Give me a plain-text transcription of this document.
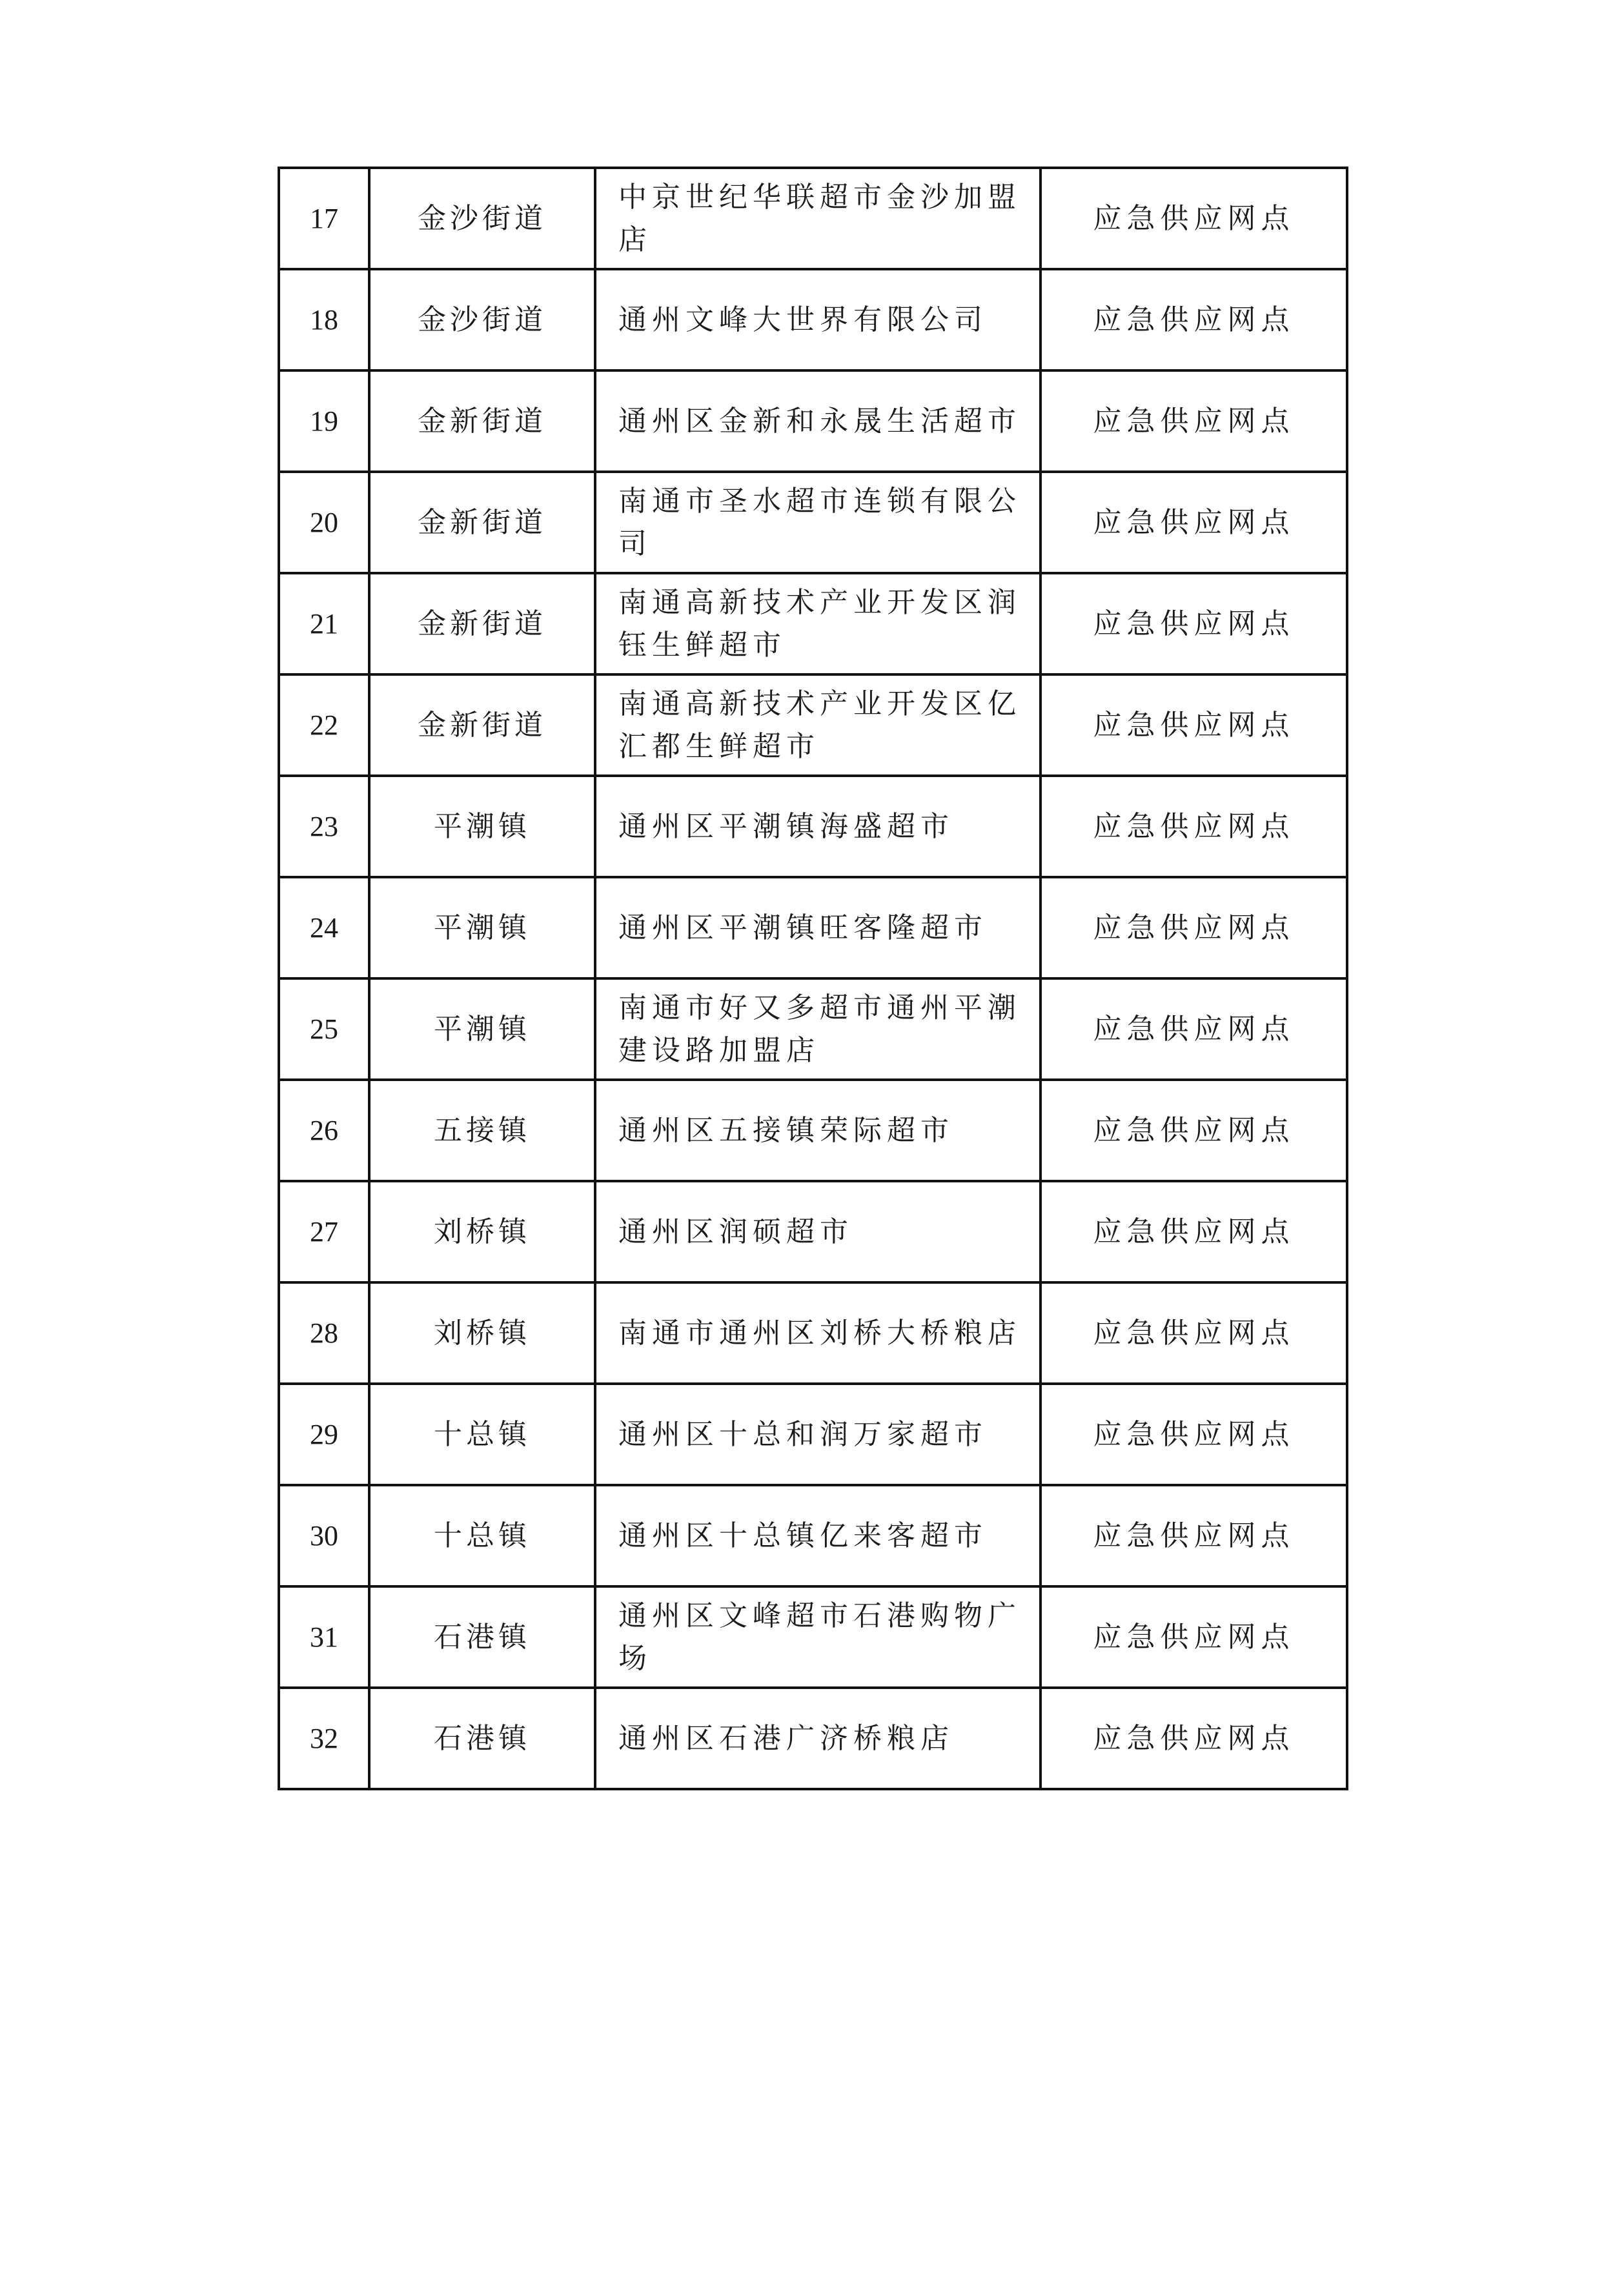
17	金沙街道	中京世纪华联超市金沙加盟店	应急供应网点
18	金沙街道	通州文峰大世界有限公司	应急供应网点
19	金新街道	通州区金新和永晟生活超市	应急供应网点
20	金新街道	南通市圣水超市连锁有限公司	应急供应网点
21	金新街道	南通高新技术产业开发区润钰生鲜超市	应急供应网点
22	金新街道	南通高新技术产业开发区亿汇都生鲜超市	应急供应网点
23	平潮镇	通州区平潮镇海盛超市	应急供应网点
24	平潮镇	通州区平潮镇旺客隆超市	应急供应网点
25	平潮镇	南通市好又多超市通州平潮建设路加盟店	应急供应网点
26	五接镇	通州区五接镇荣际超市	应急供应网点
27	刘桥镇	通州区润硕超市	应急供应网点
28	刘桥镇	南通市通州区刘桥大桥粮店	应急供应网点
29	十总镇	通州区十总和润万家超市	应急供应网点
30	十总镇	通州区十总镇亿来客超市	应急供应网点
31	石港镇	通州区文峰超市石港购物广场	应急供应网点
32	石港镇	通州区石港广济桥粮店	应急供应网点
